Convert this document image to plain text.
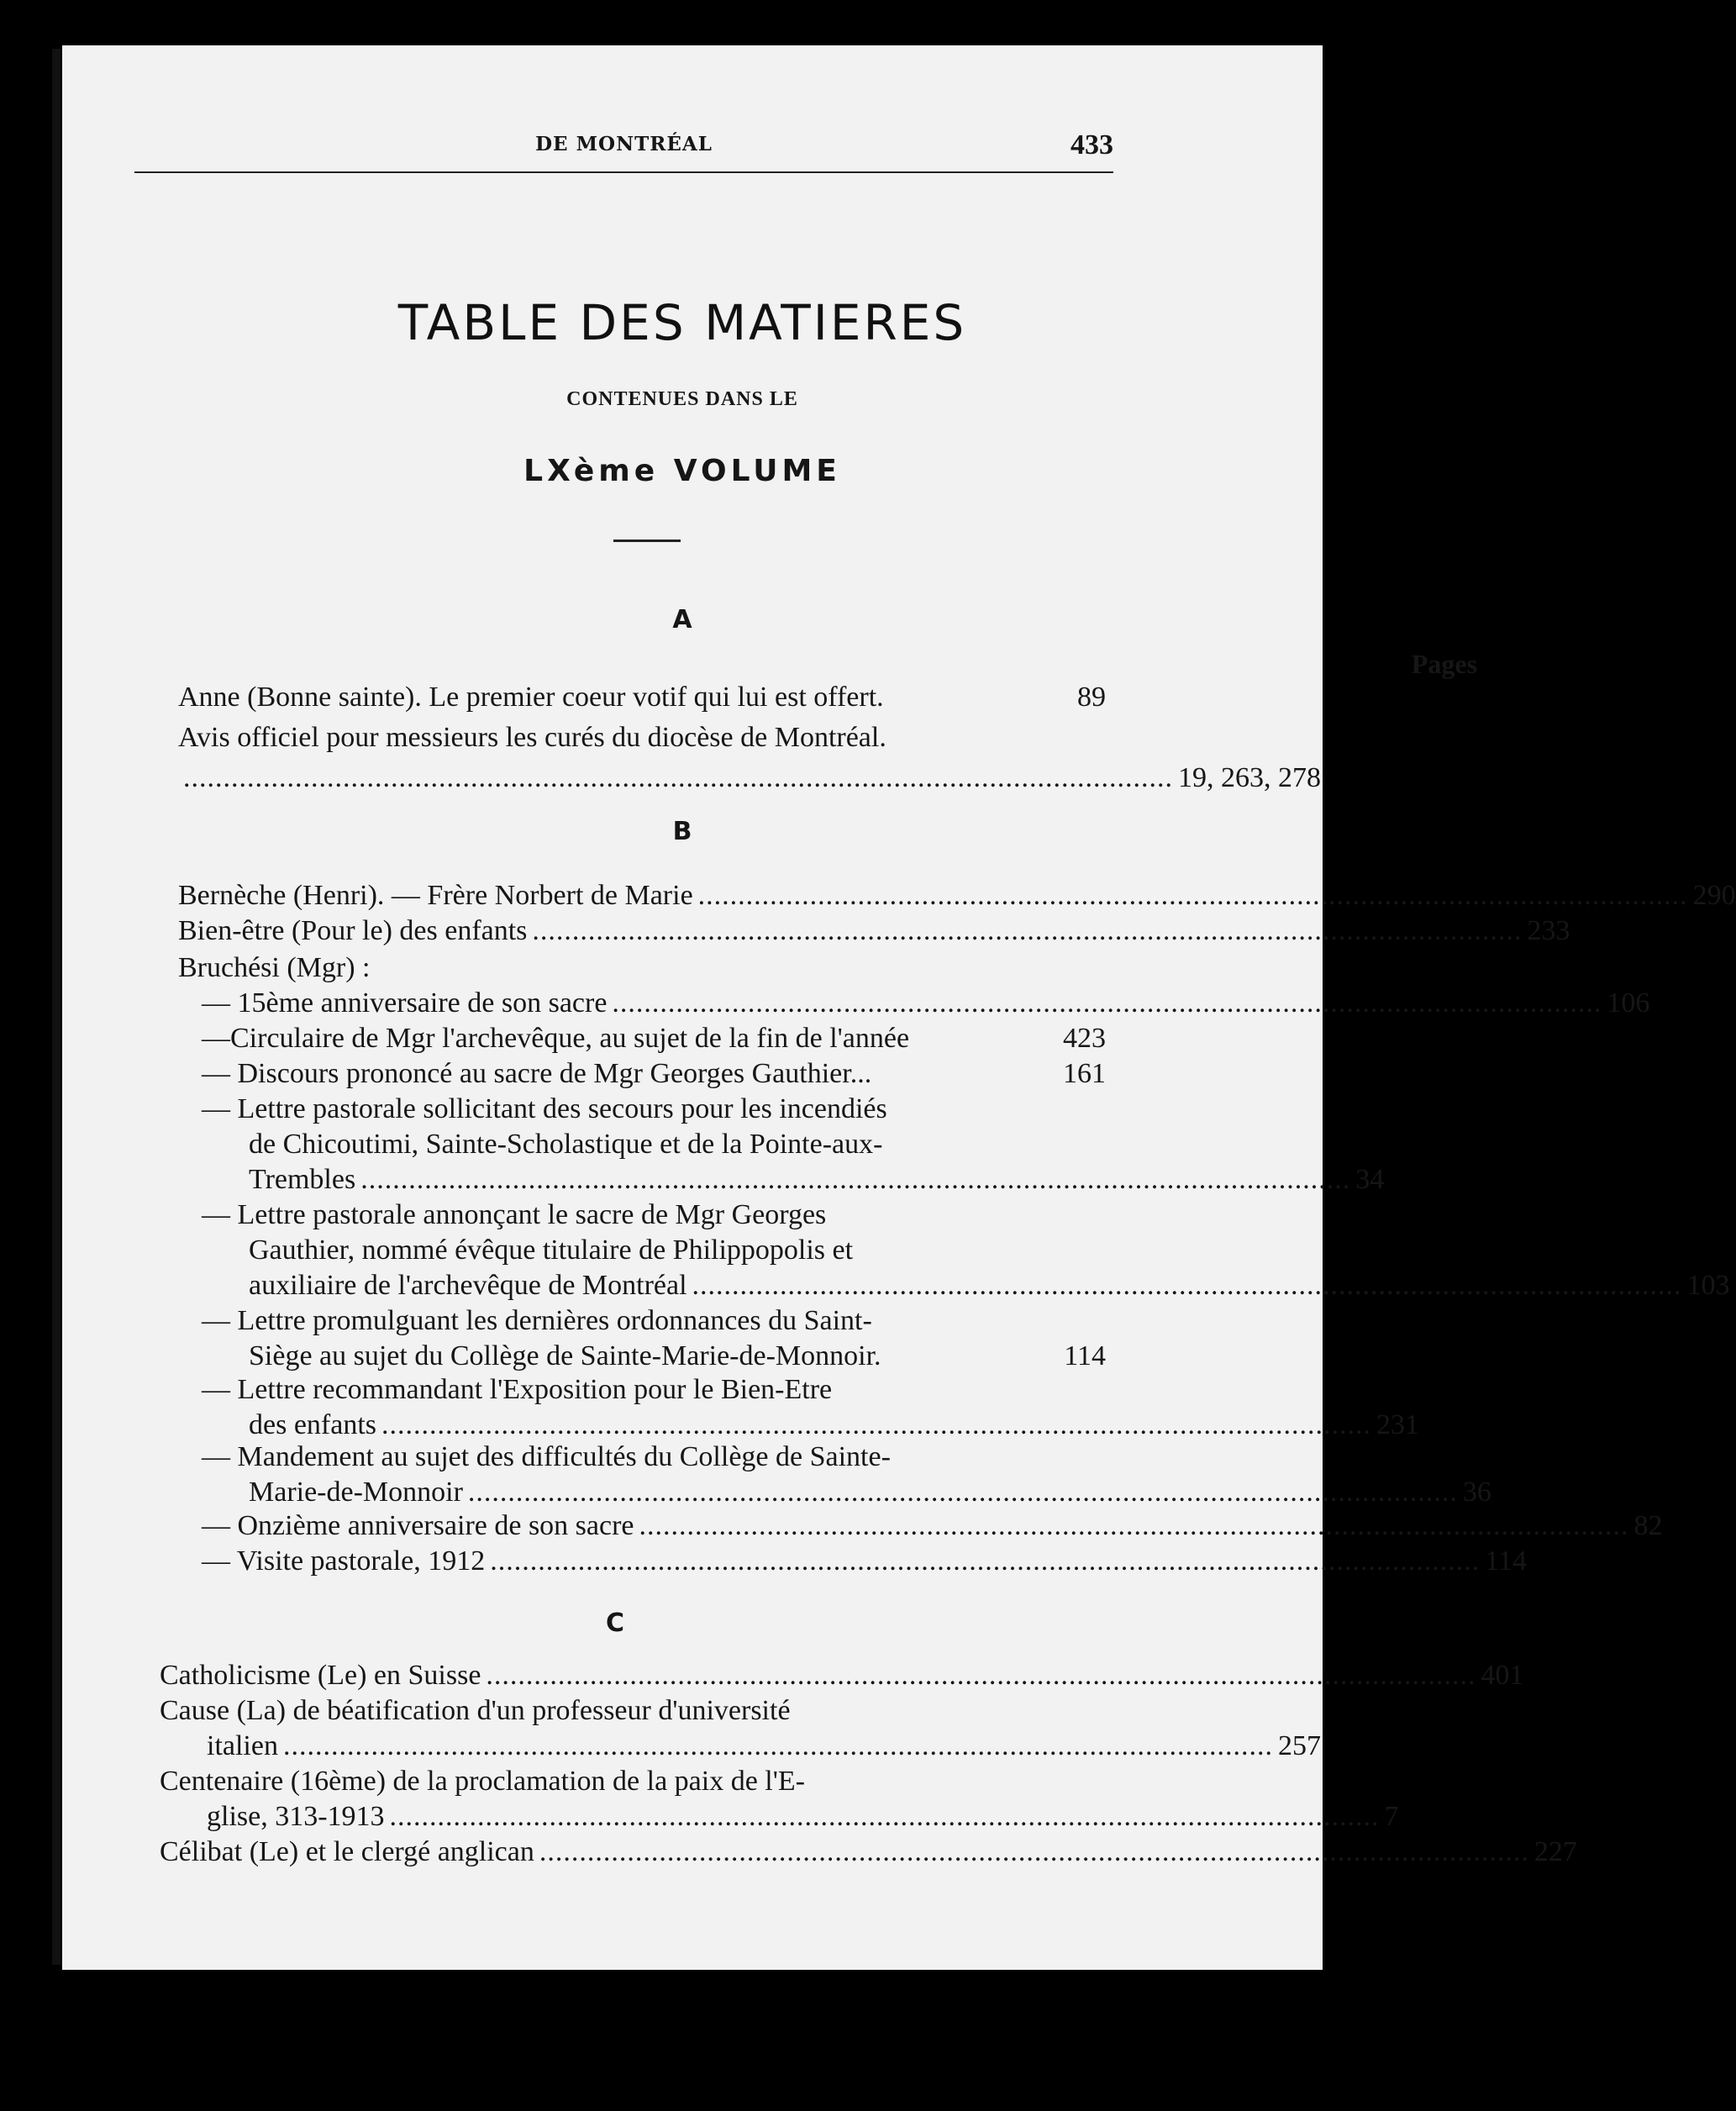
DE MONTRÉAL	433
TABLE DES MATIERES
CONTENUES DANS LE
LXème VOLUME
A
Pages
Anne (Bonne sainte). Le premier coeur votif qui lui est offert.	89
Avis officiel pour messieurs les curés du diocèse de Montréal.
............................................................................................................................ 19, 263, 278
B
Bernèche (Henri). — Frère Norbert de Marie ............................................................................................................................ 290
Bien-être (Pour le) des enfants ............................................................................................................................ 233
Bruchési (Mgr) :
— 15ème anniversaire de son sacre ............................................................................................................................ 106
—Circulaire de Mgr l'archevêque, au sujet de la fin de l'année	423
— Discours prononcé au sacre de Mgr Georges Gauthier...	161
— Lettre pastorale sollicitant des secours pour les incendiés
de Chicoutimi, Sainte-Scholastique et de la Pointe-aux-
Trembles ............................................................................................................................ 34
— Lettre pastorale annonçant le sacre de Mgr Georges
Gauthier, nommé évêque titulaire de Philippopolis et
auxiliaire de l'archevêque de Montréal ............................................................................................................................ 103
— Lettre promulguant les dernières ordonnances du Saint-
Siège au sujet du Collège de Sainte-Marie-de-Monnoir.	114
— Lettre recommandant l'Exposition pour le Bien-Etre
des enfants ............................................................................................................................ 231
— Mandement au sujet des difficultés du Collège de Sainte-
Marie-de-Monnoir ............................................................................................................................ 36
— Onzième anniversaire de son sacre ............................................................................................................................ 82
— Visite pastorale, 1912 ............................................................................................................................ 114
C
Catholicisme (Le) en Suisse ............................................................................................................................ 401
Cause (La) de béatification d'un professeur d'université
italien ............................................................................................................................ 257
Centenaire (16ème) de la proclamation de la paix de l'E-
glise, 313-1913 ............................................................................................................................ 7
Célibat (Le) et le clergé anglican ............................................................................................................................ 227
